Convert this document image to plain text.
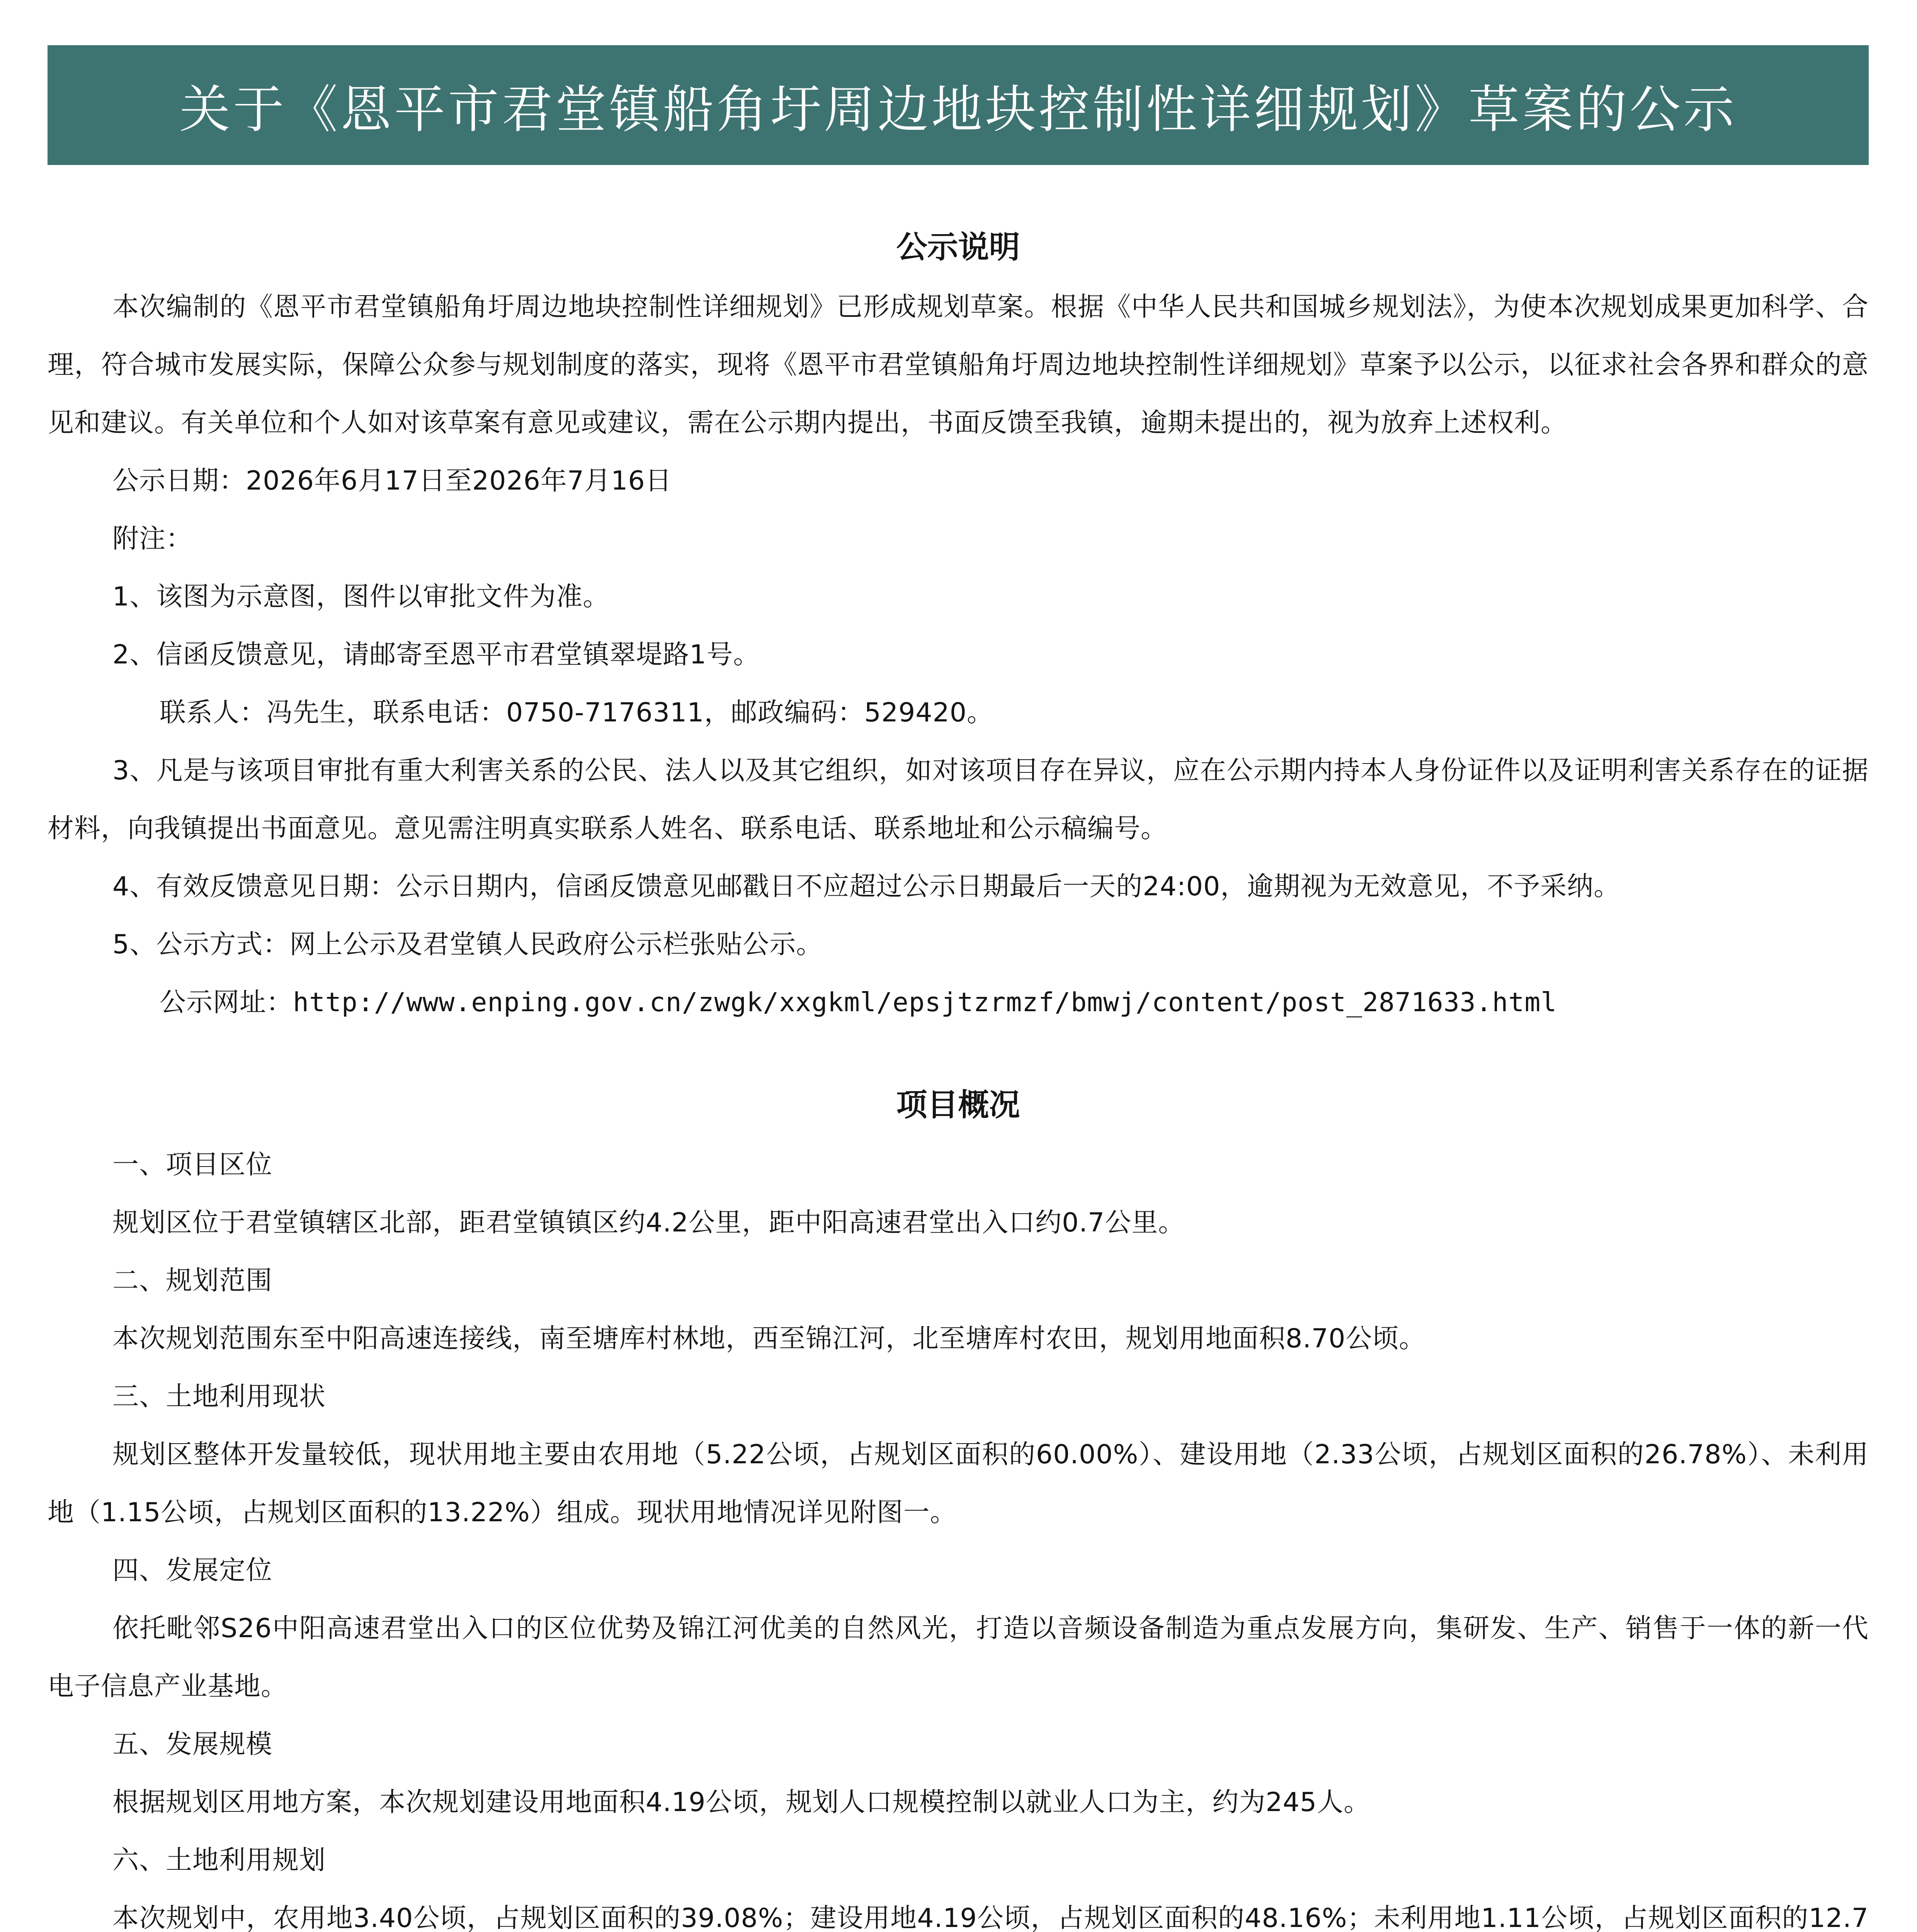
关于《恩平市君堂镇船角圩周边地块控制性详细规划》草案的公示
公示说明

本次编制的《恩平市君堂镇船角圩周边地块控制性详细规划》已形成规划草案。根据《中华人民共和国城乡规划法》，为使本次规划成果更加科学、合理，符合城市发展实际，保障公众参与规划制度的落实，现将《恩平市君堂镇船角圩周边地块控制性详细规划》草案予以公示，以征求社会各界和群众的意见和建议。有关单位和个人如对该草案有意见或建议，需在公示期内提出，书面反馈至我镇，逾期未提出的，视为放弃上述权利。

公示日期：2026年6月17日至2026年7月16日

附注：

1、该图为示意图，图件以审批文件为准。

2、信函反馈意见，请邮寄至恩平市君堂镇翠堤路1号。

联系人：冯先生，联系电话：0750-7176311，邮政编码：529420。

3、凡是与该项目审批有重大利害关系的公民、法人以及其它组织，如对该项目存在异议，应在公示期内持本人身份证件以及证明利害关系存在的证据材料，向我镇提出书面意见。意见需注明真实联系人姓名、联系电话、联系地址和公示稿编号。

4、有效反馈意见日期：公示日期内，信函反馈意见邮戳日不应超过公示日期最后一天的24:00，逾期视为无效意见，不予采纳。

5、公示方式：网上公示及君堂镇人民政府公示栏张贴公示。

公示网址：http://www.enping.gov.cn/zwgk/xxgkml/epsjtzrmzf/bmwj/content/post_2871633.html

项目概况

一、项目区位

规划区位于君堂镇辖区北部，距君堂镇镇区约4.2公里，距中阳高速君堂出入口约0.7公里。

二、规划范围

本次规划范围东至中阳高速连接线，南至塘库村林地，西至锦江河，北至塘库村农田，规划用地面积8.70公顷。

三、土地利用现状

规划区整体开发量较低，现状用地主要由农用地（5.22公顷，占规划区面积的60.00%）、建设用地（2.33公顷，占规划区面积的26.78%）、未利用地（1.15公顷，占规划区面积的13.22%）组成。现状用地情况详见附图一。

四、发展定位

依托毗邻S26中阳高速君堂出入口的区位优势及锦江河优美的自然风光，打造以音频设备制造为重点发展方向，集研发、生产、销售于一体的新一代电子信息产业基地。

五、发展规模

根据规划区用地方案，本次规划建设用地面积4.19公顷，规划人口规模控制以就业人口为主，约为245人。

六、土地利用规划

本次规划中，农用地3.40公顷，占规划区面积的39.08%；建设用地4.19公顷，占规划区面积的48.16%；未利用地1.11公顷，占规划区面积的12.7
